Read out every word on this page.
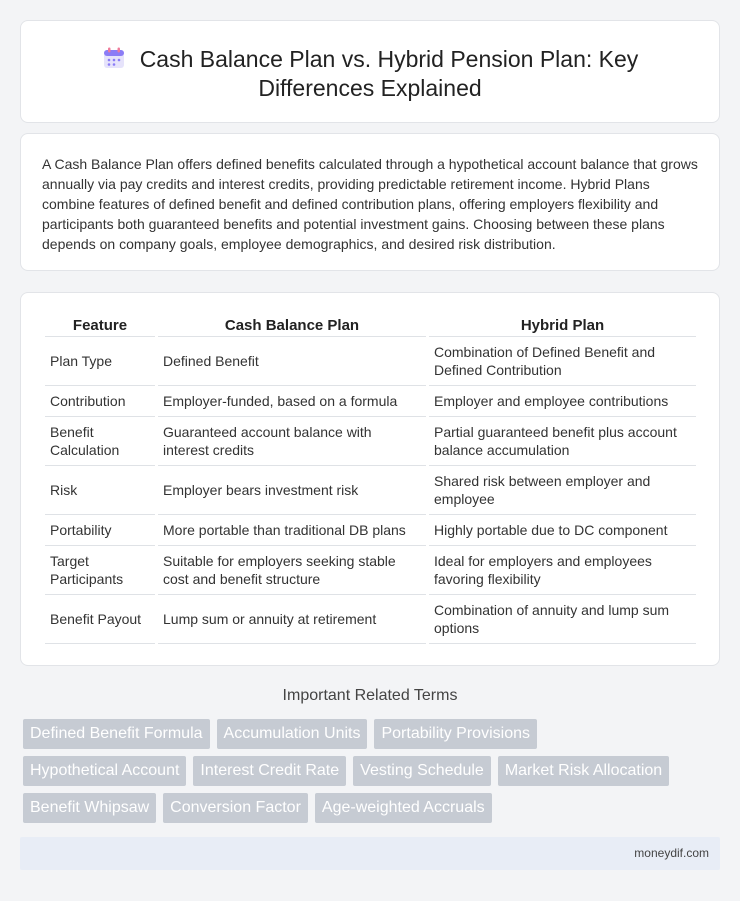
Cash Balance Plan vs. Hybrid Pension Plan: Key Differences Explained

A Cash Balance Plan offers defined benefits calculated through a hypothetical account balance that grows annually via pay credits and interest credits, providing predictable retirement income. Hybrid Plans combine features of defined benefit and defined contribution plans, offering employers flexibility and participants both guaranteed benefits and potential investment gains. Choosing between these plans depends on company goals, employee demographics, and desired risk distribution.

Feature	Cash Balance Plan	Hybrid Plan
Plan Type	Defined Benefit	Combination of Defined Benefit and Defined Contribution
Contribution	Employer-funded, based on a formula	Employer and employee contributions
Benefit Calculation	Guaranteed account balance with interest credits	Partial guaranteed benefit plus account balance accumulation
Risk	Employer bears investment risk	Shared risk between employer and employee
Portability	More portable than traditional DB plans	Highly portable due to DC component
Target Participants	Suitable for employers seeking stable cost and benefit structure	Ideal for employers and employees favoring flexibility
Benefit Payout	Lump sum or annuity at retirement	Combination of annuity and lump sum options
Important Related Terms
Defined Benefit Formula	Accumulation Units	Portability Provisions
Hypothetical Account	Interest Credit Rate	Vesting Schedule	Market Risk Allocation
Benefit Whipsaw	Conversion Factor	Age-weighted Accruals
moneydif.com
